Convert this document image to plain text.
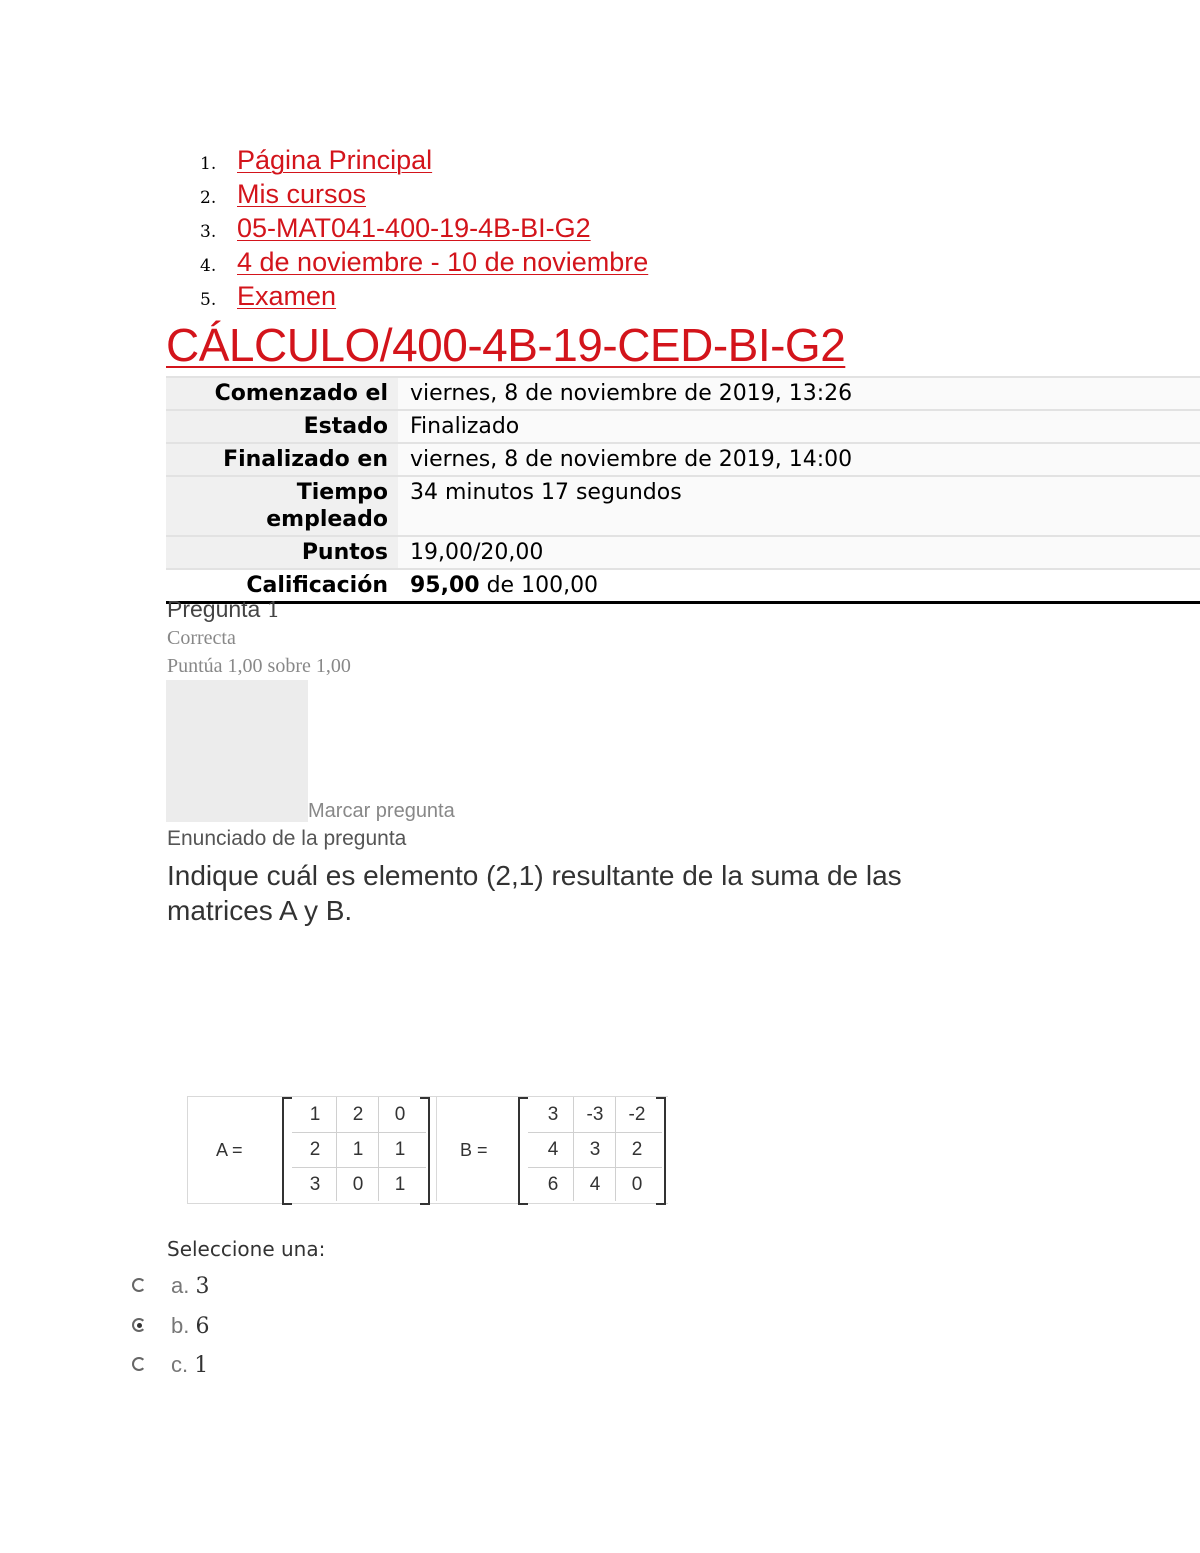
1. Página Principal
2. Mis cursos
3. 05-MAT041-400-19-4B-BI-G2
4. 4 de noviembre - 10 de noviembre
5. Examen
CÁLCULO/400-4B-19-CED-BI-G2
Comenzado el	viernes, 8 de noviembre de 2019, 13:26
Estado	Finalizado
Finalizado en	viernes, 8 de noviembre de 2019, 14:00
Tiempo
empleado	34 minutos 17 segundos
Puntos	19,00/20,00
Calificación	95,00 de 100,00
Pregunta 1
Correcta
Puntúa 1,00 sobre 1,00
Marcar pregunta
Enunciado de la pregunta
Indique cuál es elemento (2,1) resultante de la suma de las matrices A y B.
A =
1	2	0
2	1	1
3	0	1
B =
3	-3	-2
4	3	2
6	4	0
Seleccione una:
a. 3
b. 6
c. 1
